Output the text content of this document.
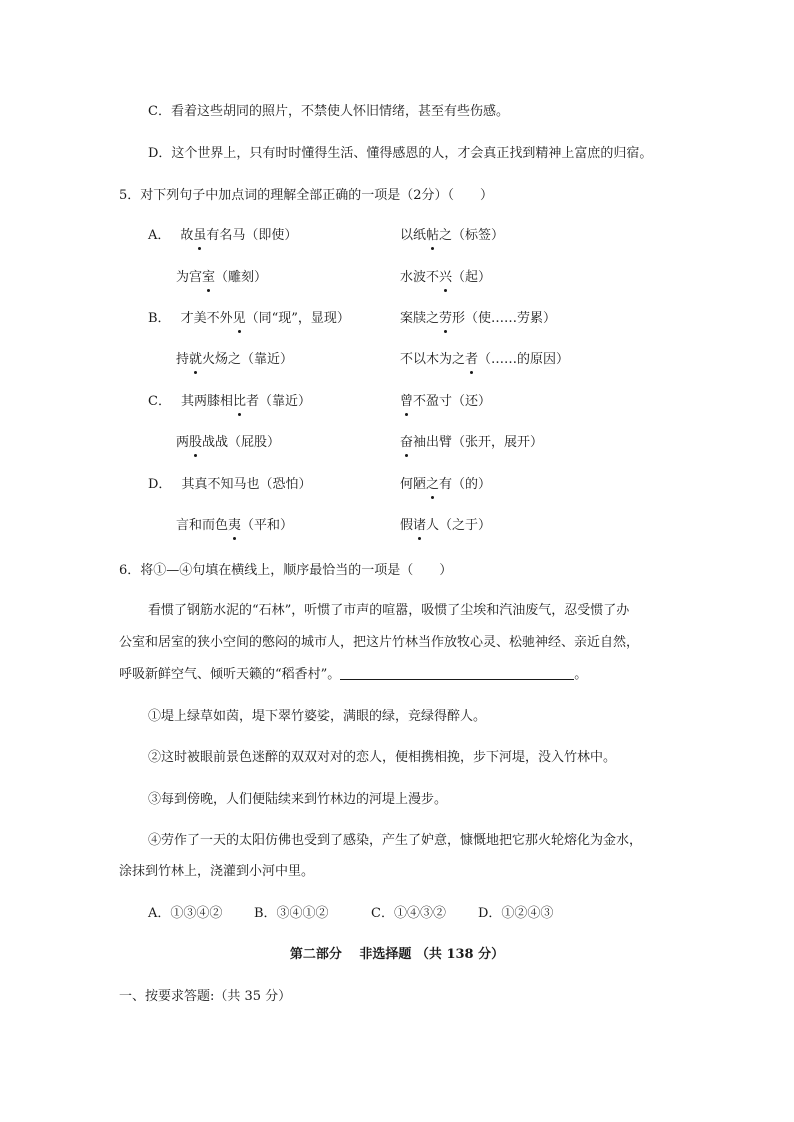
C．看着这些胡同的照片，不禁使人怀旧情绪，甚至有些伤感。
D．这个世界上，只有时时懂得生活、懂得感恩的人，才会真正找到精神上富庶的归宿。
5．对下列句子中加点词的理解全部正确的一项是（2分）（　　）
A． 故虽有名马（即使）	以纸帖之（标签）
为宫室（雕刻）	水波不兴（起）
B． 才美不外见（同“现”，显现）	案牍之劳形（使……劳累）
持就火炀之（靠近）	不以木为之者（……的原因）
C． 其两膝相比者（靠近）	曾不盈寸（还）
两股战战（屁股）	奋袖出臂（张开，展开）
D． 其真不知马也（恐怕）	何陋之有（的）
言和而色夷（平和）	假诸人（之于）
6．将①—④句填在横线上，顺序最恰当的一项是（　　）
看惯了钢筋水泥的“石林”，听惯了市声的喧嚣，吸惯了尘埃和汽油废气，忍受惯了办
公室和居室的狭小空间的憋闷的城市人，把这片竹林当作放牧心灵、松驰神经、亲近自然，
呼吸新鲜空气、倾听天籁的“稻香村”。	。
①堤上绿草如茵，堤下翠竹婆娑，满眼的绿，竞绿得醉人。
②这时被眼前景色迷醉的双双对对的恋人，便相携相挽，步下河堤，没入竹林中。
③每到傍晚，人们便陆续来到竹林边的河堤上漫步。
④劳作了一天的太阳仿佛也受到了感染，产生了妒意，慷慨地把它那火轮熔化为金水，
涂抹到竹林上，浇灌到小河中里。
A．①③④② B．③④①②	C．①④③② D．①②④③
第二部分　 非选择题 （共 138 分）
一、按要求答题:（共 35 分）
